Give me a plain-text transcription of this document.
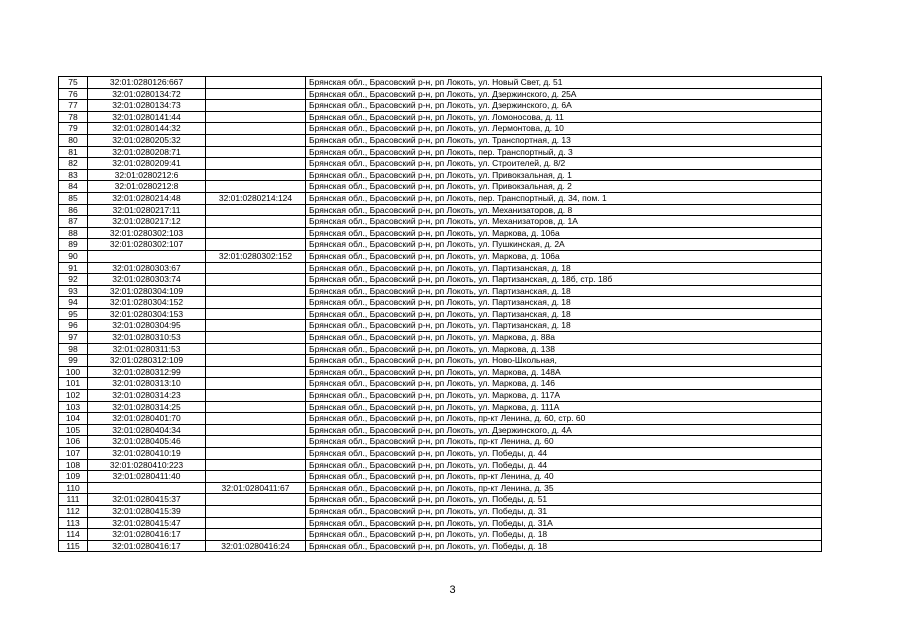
75	32:01:0280126:667		Брянская обл., Брасовский р-н, рп Локоть, ул. Новый Свет, д. 51
76	32:01:0280134:72		Брянская обл., Брасовский р-н, рп Локоть, ул. Дзержинского, д. 25А
77	32:01:0280134:73		Брянская обл., Брасовский р-н, рп Локоть, ул. Дзержинского, д. 6А
78	32:01:0280141:44		Брянская обл., Брасовский р-н, рп Локоть, ул. Ломоносова, д. 11
79	32:01:0280144:32		Брянская обл., Брасовский р-н, рп Локоть, ул. Лермонтова, д. 10
80	32:01:0280205:32		Брянская обл., Брасовский р-н, рп Локоть, ул. Транспортная, д. 13
81	32:01:0280208:71		Брянская обл., Брасовский р-н, рп Локоть, пер. Транспортный, д. 3
82	32:01:0280209:41		Брянская обл., Брасовский р-н, рп Локоть, ул. Строителей, д. 8/2
83	32:01:0280212:6		Брянская обл., Брасовский р-н, рп Локоть, ул. Привокзальная, д. 1
84	32:01:0280212:8		Брянская обл., Брасовский р-н, рп Локоть, ул. Привокзальная, д. 2
85	32:01:0280214:48	32:01:0280214:124	Брянская обл., Брасовский р-н, рп Локоть, пер. Транспортный, д. 34, пом. 1
86	32:01:0280217:11		Брянская обл., Брасовский р-н, рп Локоть, ул. Механизаторов, д. 8
87	32:01:0280217:12		Брянская обл., Брасовский р-н, рп Локоть, ул. Механизаторов, д. 1А
88	32:01:0280302:103		Брянская обл., Брасовский р-н, рп Локоть, ул. Маркова, д. 106а
89	32:01:0280302:107		Брянская обл., Брасовский р-н, рп Локоть, ул. Пушкинская, д. 2А
90		32:01:0280302:152	Брянская обл., Брасовский р-н, рп Локоть, ул. Маркова, д. 106а
91	32:01:0280303:67		Брянская обл., Брасовский р-н, рп Локоть, ул. Партизанская, д. 18
92	32:01:0280303:74		Брянская обл., Брасовский р-н, рп Локоть, ул. Партизанская, д. 18б, стр. 18б
93	32:01:0280304:109		Брянская обл., Брасовский р-н, рп Локоть, ул. Партизанская, д. 18
94	32:01:0280304:152		Брянская обл., Брасовский р-н, рп Локоть, ул. Партизанская, д. 18
95	32:01:0280304:153		Брянская обл., Брасовский р-н, рп Локоть, ул. Партизанская, д. 18
96	32:01:0280304:95		Брянская обл., Брасовский р-н, рп Локоть, ул. Партизанская, д. 18
97	32:01:0280310:53		Брянская обл., Брасовский р-н, рп Локоть, ул. Маркова, д. 88а
98	32:01:0280311:53		Брянская обл., Брасовский р-н, рп Локоть, ул. Маркова, д. 138
99	32:01:0280312:109		Брянская обл., Брасовский р-н, рп Локоть, ул. Ново-Школьная,
100	32:01:0280312:99		Брянская обл., Брасовский р-н, рп Локоть, ул. Маркова, д. 148А
101	32:01:0280313:10		Брянская обл., Брасовский р-н, рп Локоть, ул. Маркова, д. 146
102	32:01:0280314:23		Брянская обл., Брасовский р-н, рп Локоть, ул. Маркова, д. 117А
103	32:01:0280314:25		Брянская обл., Брасовский р-н, рп Локоть, ул. Маркова, д. 111А
104	32:01:0280401:70		Брянская обл., Брасовский р-н, рп Локоть, пр-кт Ленина, д. 60, стр. 60
105	32:01:0280404:34		Брянская обл., Брасовский р-н, рп Локоть, ул. Дзержинского, д. 4А
106	32:01:0280405:46		Брянская обл., Брасовский р-н, рп Локоть, пр-кт Ленина, д. 60
107	32:01:0280410:19		Брянская обл., Брасовский р-н, рп Локоть, ул. Победы, д. 44
108	32:01:0280410:223		Брянская обл., Брасовский р-н, рп Локоть, ул. Победы, д. 44
109	32:01:0280411:40		Брянская обл., Брасовский р-н, рп Локоть, пр-кт Ленина, д. 40
110		32:01:0280411:67	Брянская обл., Брасовский р-н, рп Локоть, пр-кт Ленина, д. 35
111	32:01:0280415:37		Брянская обл., Брасовский р-н, рп Локоть, ул. Победы, д. 51
112	32:01:0280415:39		Брянская обл., Брасовский р-н, рп Локоть, ул. Победы, д. 31
113	32:01:0280415:47		Брянская обл., Брасовский р-н, рп Локоть, ул. Победы, д. 31А
114	32:01:0280416:17		Брянская обл., Брасовский р-н, рп Локоть, ул. Победы, д. 18
115	32:01:0280416:17	32:01:0280416:24	Брянская обл., Брасовский р-н, рп Локоть, ул. Победы, д. 18
3
